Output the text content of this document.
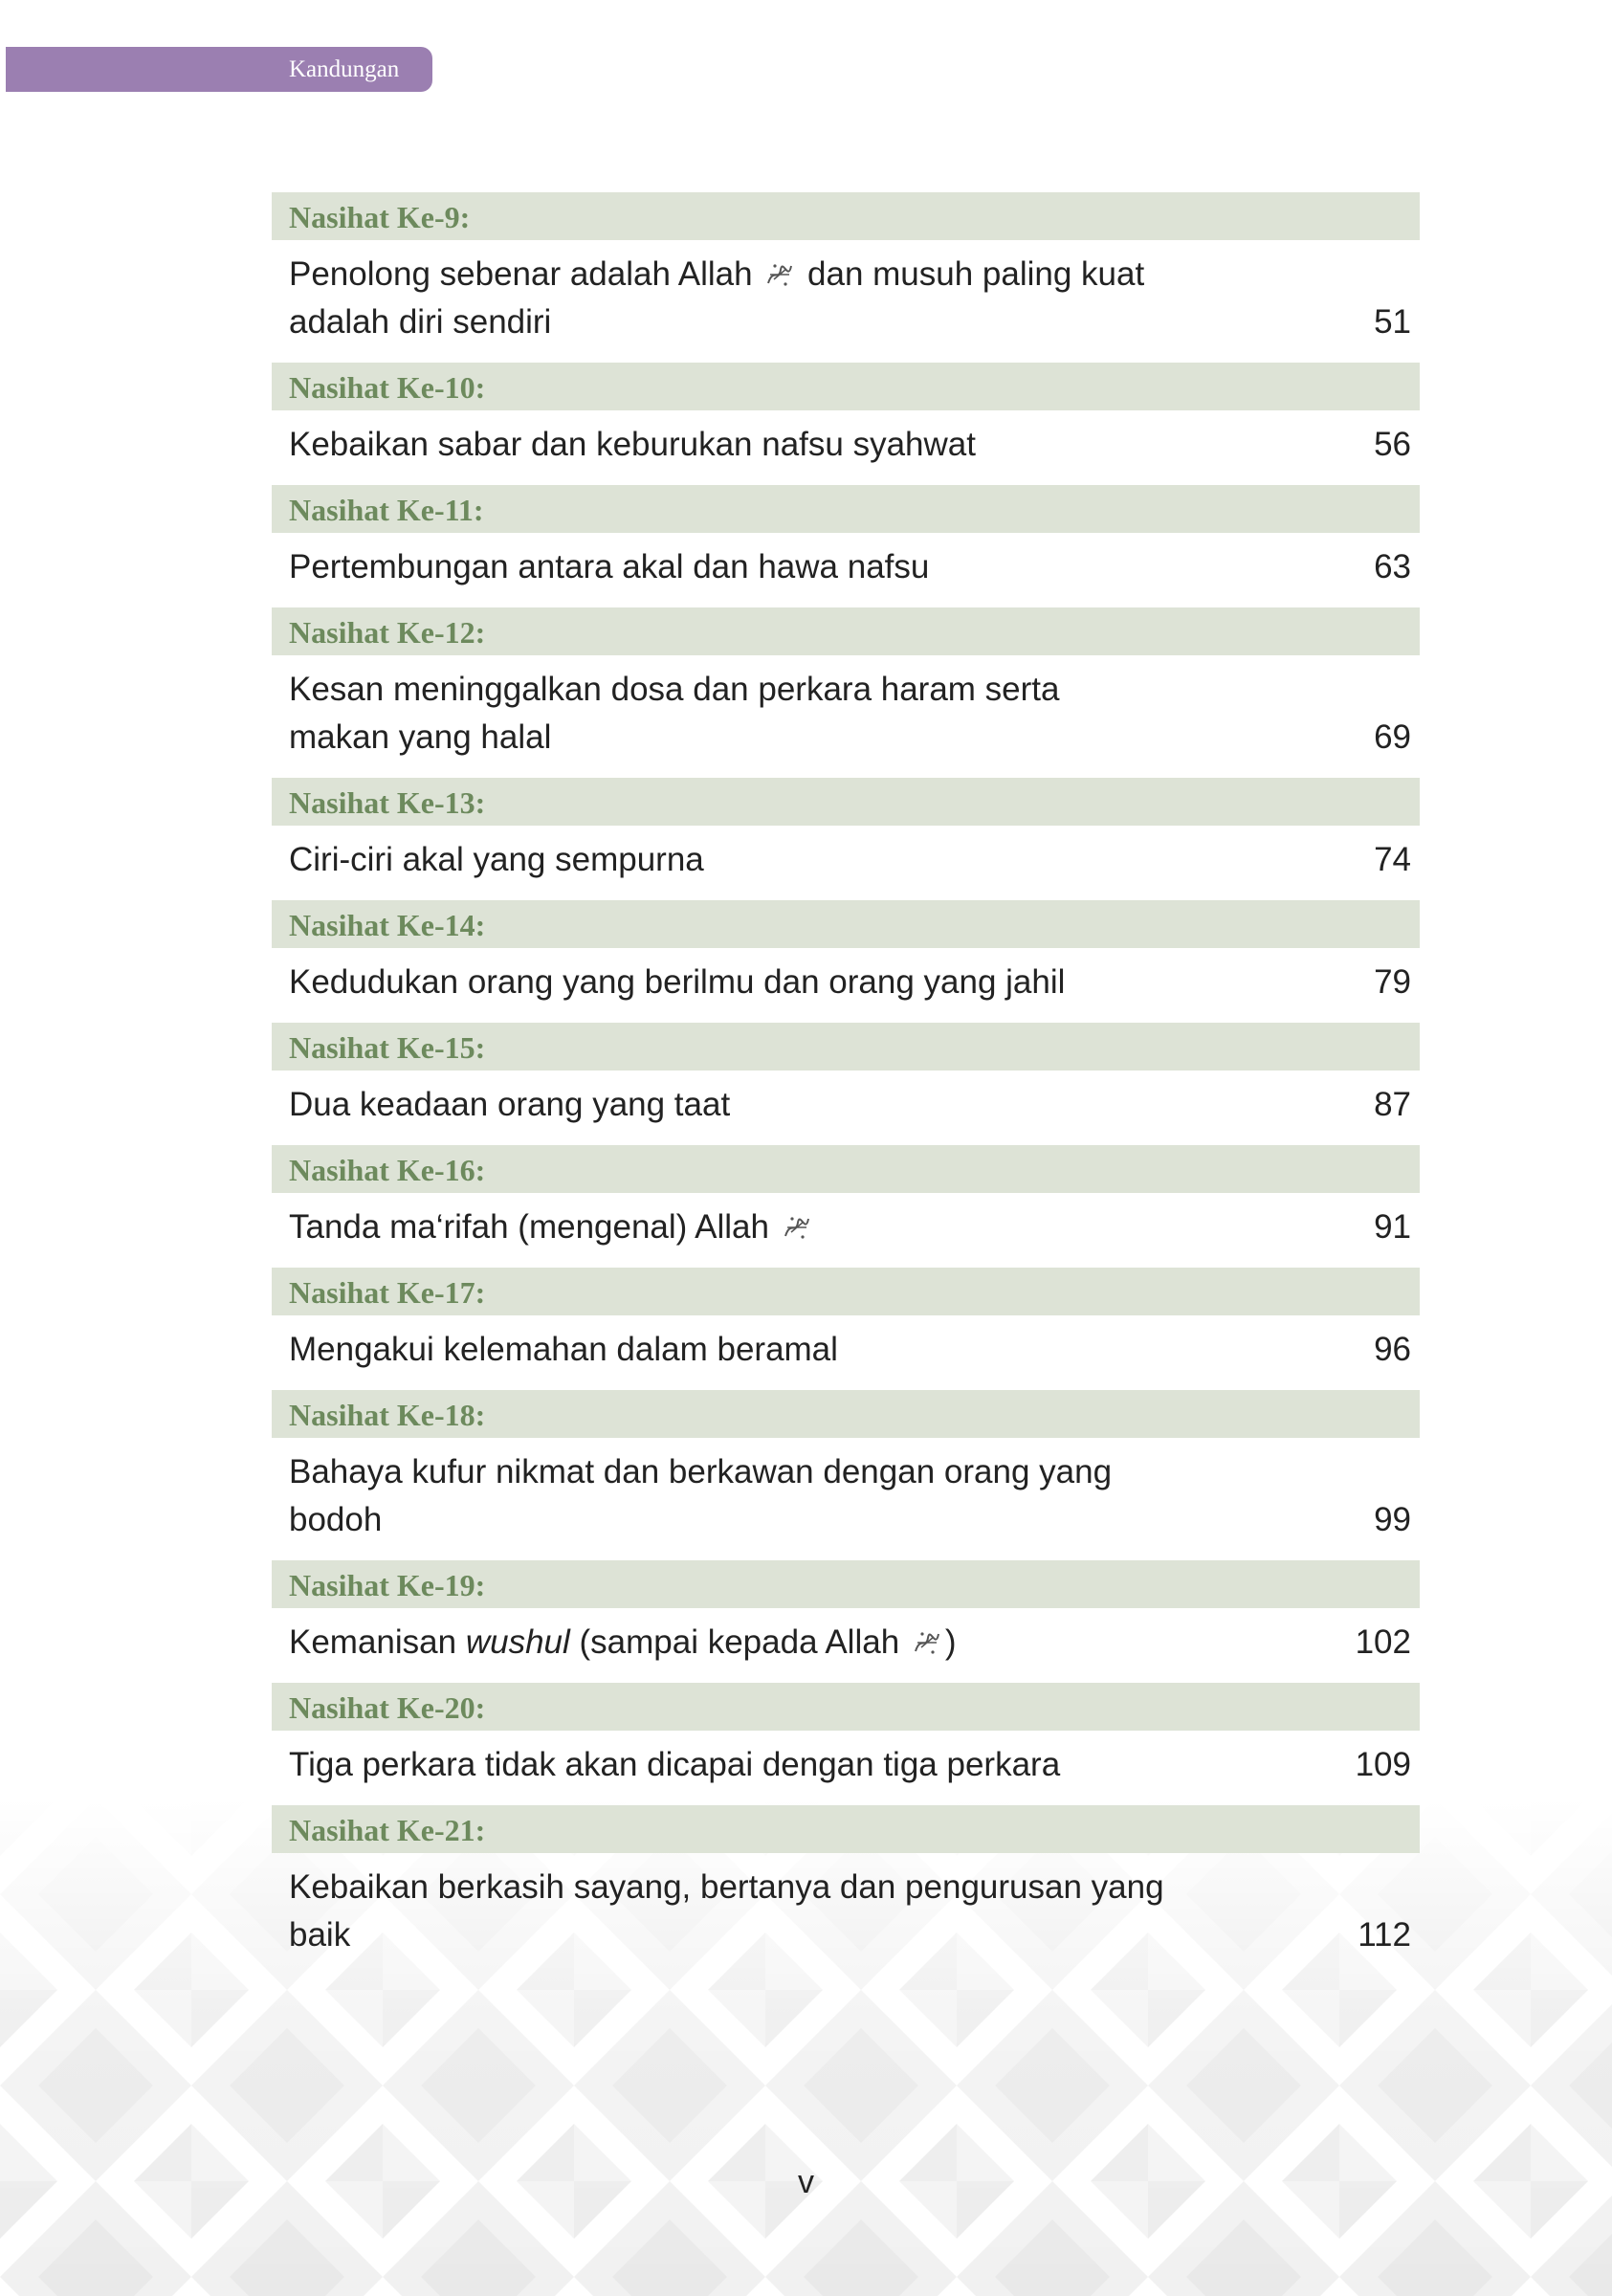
Kandungan
Nasihat Ke-9:
Penolong sebenar adalah Allah  dan musuh paling kuat adalah diri sendiri	51
Nasihat Ke-10:
Kebaikan sabar dan keburukan nafsu syahwat	56
Nasihat Ke-11:
Pertembungan antara akal dan hawa nafsu	63
Nasihat Ke-12:
Kesan meninggalkan dosa dan perkara haram serta makan yang halal	69
Nasihat Ke-13:
Ciri-ciri akal yang sempurna	74
Nasihat Ke-14:
Kedudukan orang yang berilmu dan orang yang jahil	79
Nasihat Ke-15:
Dua keadaan orang yang taat	87
Nasihat Ke-16:
Tanda ma‘rifah (mengenal) Allah	91
Nasihat Ke-17:
Mengakui kelemahan dalam beramal	96
Nasihat Ke-18:
Bahaya kufur nikmat dan berkawan dengan orang yang bodoh	99
Nasihat Ke-19:
Kemanisan wushul (sampai kepada Allah )	102
Nasihat Ke-20:
Tiga perkara tidak akan dicapai dengan tiga perkara	109
Nasihat Ke-21:
Kebaikan berkasih sayang, bertanya dan pengurusan yang baik	112
v
